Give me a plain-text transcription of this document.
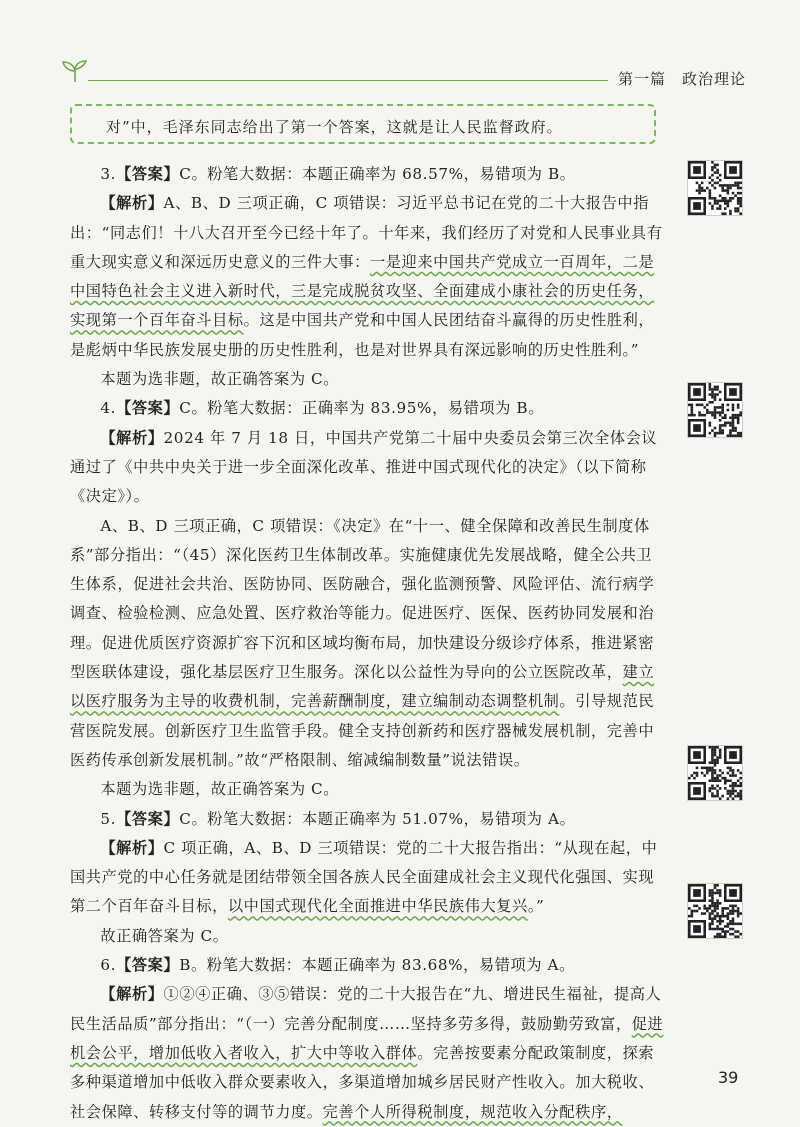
第一篇　政治理论
对”中，毛泽东同志给出了第一个答案，这就是让人民监督政府。

3.【答案】C。粉笔大数据：本题正确率为 68.57%，易错项为 B。

【解析】A、B、D 三项正确，C 项错误：习近平总书记在党的二十大报告中指出：“同志们！十八大召开至今已经十年了。十年来，我们经历了对党和人民事业具有重大现实意义和深远历史意义的三件大事：一是迎来中国共产党成立一百周年，二是中国特色社会主义进入新时代，三是完成脱贫攻坚、全面建成小康社会的历史任务，实现第一个百年奋斗目标。这是中国共产党和中国人民团结奋斗赢得的历史性胜利，是彪炳中华民族发展史册的历史性胜利，也是对世界具有深远影响的历史性胜利。”

本题为选非题，故正确答案为 C。

4.【答案】C。粉笔大数据：正确率为 83.95%，易错项为 B。

【解析】2024 年 7 月 18 日，中国共产党第二十届中央委员会第三次全体会议通过了《中共中央关于进一步全面深化改革、推进中国式现代化的决定》（以下简称《决定》）。

A、B、D 三项正确，C 项错误：《决定》在“十一、健全保障和改善民生制度体系”部分指出：“（45）深化医药卫生体制改革。实施健康优先发展战略，健全公共卫生体系，促进社会共治、医防协同、医防融合，强化监测预警、风险评估、流行病学调查、检验检测、应急处置、医疗救治等能力。促进医疗、医保、医药协同发展和治理。促进优质医疗资源扩容下沉和区域均衡布局，加快建设分级诊疗体系，推进紧密型医联体建设，强化基层医疗卫生服务。深化以公益性为导向的公立医院改革，建立以医疗服务为主导的收费机制，完善薪酬制度，建立编制动态调整机制。引导规范民营医院发展。创新医疗卫生监管手段。健全支持创新药和医疗器械发展机制，完善中医药传承创新发展机制。”故“严格限制、缩减编制数量”说法错误。

本题为选非题，故正确答案为 C。

5.【答案】C。粉笔大数据：本题正确率为 51.07%，易错项为 A。

【解析】C 项正确，A、B、D 三项错误：党的二十大报告指出：“从现在起，中国共产党的中心任务就是团结带领全国各族人民全面建成社会主义现代化强国、实现第二个百年奋斗目标，以中国式现代化全面推进中华民族伟大复兴。”

故正确答案为 C。

6.【答案】B。粉笔大数据：本题正确率为 83.68%，易错项为 A。

【解析】①②④正确、③⑤错误：党的二十大报告在“九、增进民生福祉，提高人民生活品质”部分指出：“（一）完善分配制度……坚持多劳多得，鼓励勤劳致富，促进机会公平，增加低收入者收入，扩大中等收入群体。完善按要素分配政策制度，探索多种渠道增加中低收入群众要素收入，多渠道增加城乡居民财产性收入。加大税收、社会保障、转移支付等的调节力度。完善个人所得税制度，规范收入分配秩序，

39
